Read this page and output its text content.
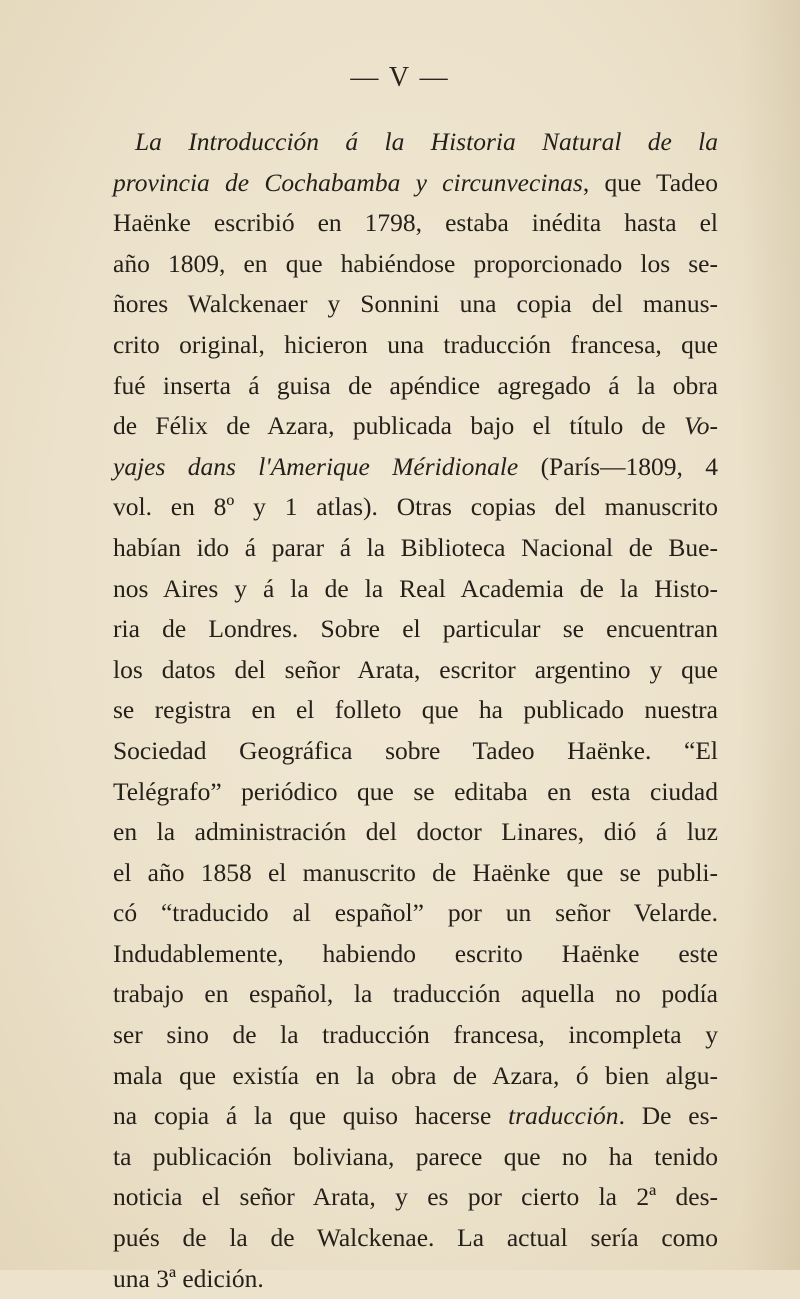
— V —
La Introducción á la Historia Natural de la
provincia de Cochabamba y circunvecinas, que Tadeo
Haënke escribió en 1798, estaba inédita hasta el
año 1809, en que habiéndose proporcionado los se-
ñores Walckenaer y Sonnini una copia del manus-
crito original, hicieron una traducción francesa, que
fué inserta á guisa de apéndice agregado á la obra
de Félix de Azara, publicada bajo el título de Vo-
yajes dans l'Amerique Méridionale (París—1809, 4
vol. en 8º y 1 atlas). Otras copias del manuscrito
habían ido á parar á la Biblioteca Nacional de Bue-
nos Aires y á la de la Real Academia de la Histo-
ria de Londres. Sobre el particular se encuentran
los datos del señor Arata, escritor argentino y que
se registra en el folleto que ha publicado nuestra
Sociedad Geográfica sobre Tadeo Haënke. “El
Telégrafo” periódico que se editaba en esta ciudad
en la administración del doctor Linares, dió á luz
el año 1858 el manuscrito de Haënke que se publi-
có “traducido al español” por un señor Velarde.
Indudablemente, habiendo escrito Haënke este
trabajo en español, la traducción aquella no podía
ser sino de la traducción francesa, incompleta y
mala que existía en la obra de Azara, ó bien algu-
na copia á la que quiso hacerse traducción. De es-
ta publicación boliviana, parece que no ha tenido
noticia el señor Arata, y es por cierto la 2ª des-
pués de la de Walckenae. La actual sería como
una 3ª edición.
